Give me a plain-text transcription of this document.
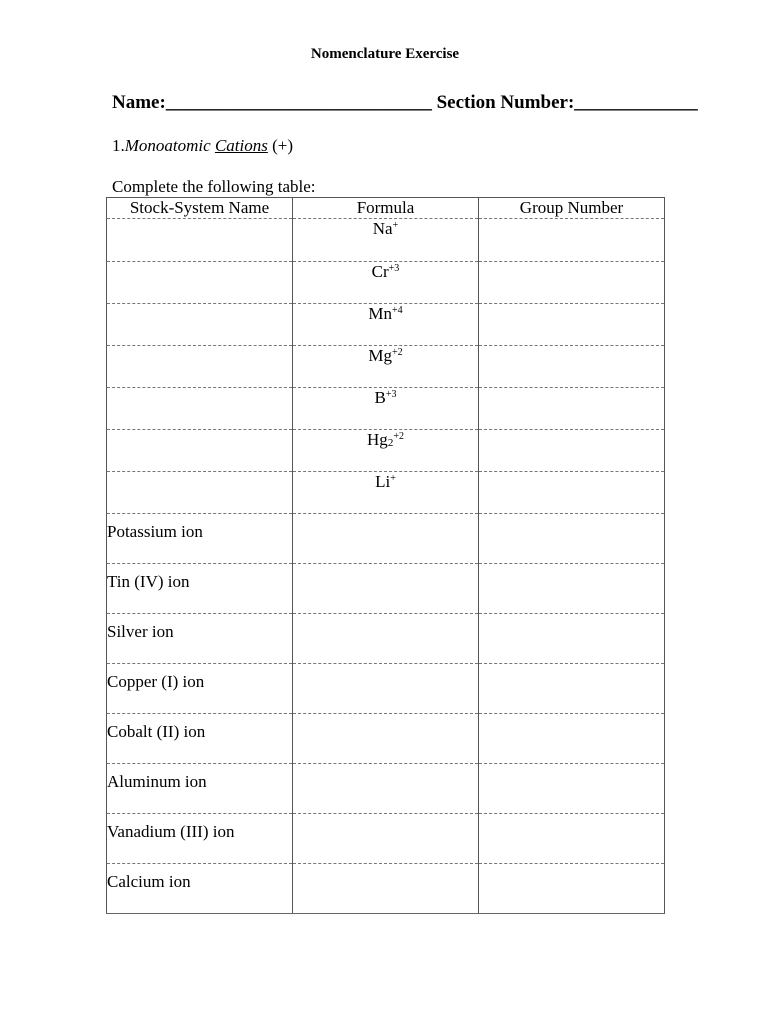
Nomenclature Exercise
Name:____________________________ Section Number:_____________
1.Monoatomic Cations (+)
Complete the following table:
Stock-System Name	Formula	Group Number
	Na+	
	$Cr^{+3}$	
	$Mn^{+4}$	
	$Mg^{+2}$	
	$B^{+3}$	
	$Hg_2^{+2}$	
	Li+	
Potassium ion		
Tin (IV) ion		
Silver ion		
Copper (I) ion		
Cobalt (II) ion		
Aluminum ion		
Vanadium (III) ion		
Calcium ion		
